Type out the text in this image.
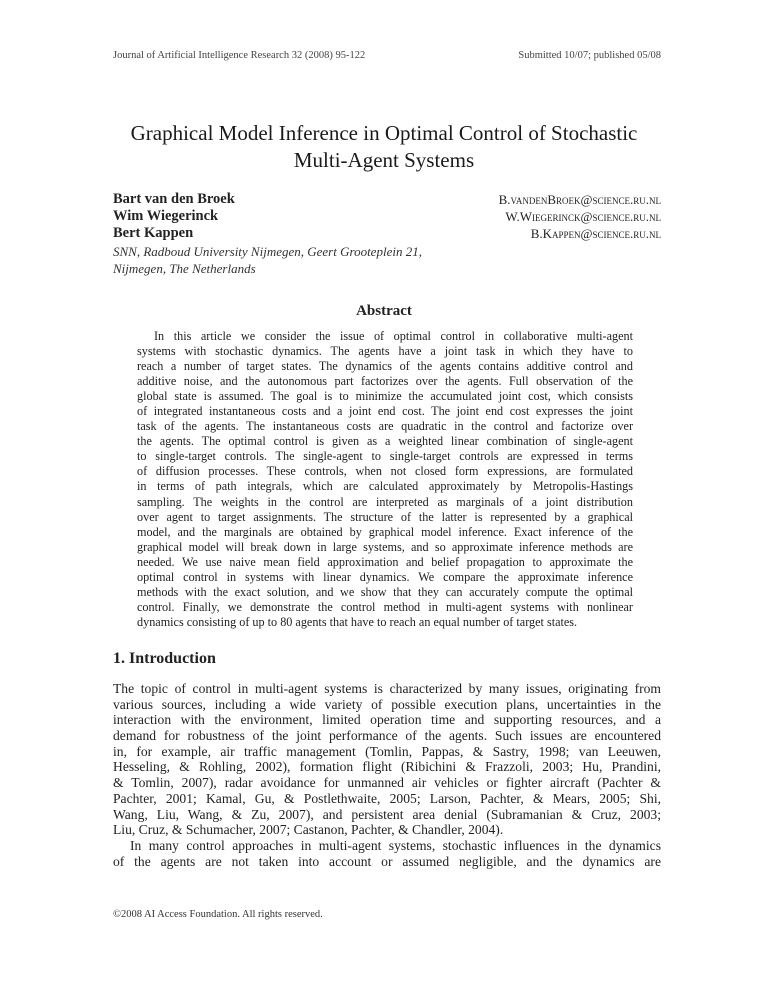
Journal of Artificial Intelligence Research 32 (2008) 95-122	Submitted 10/07; published 05/08
Graphical Model Inference in Optimal Control of Stochastic
Multi-Agent Systems
Bart van den Broek
Wim Wiegerinck
Bert Kappen
B.vandenBroek@science.ru.nl
W.Wiegerinck@science.ru.nl
B.Kappen@science.ru.nl
SNN, Radboud University Nijmegen, Geert Grooteplein 21,
Nijmegen, The Netherlands
Abstract
In this article we consider the issue of optimal control in collaborative multi-agent
systems with stochastic dynamics. The agents have a joint task in which they have to
reach a number of target states. The dynamics of the agents contains additive control and
additive noise, and the autonomous part factorizes over the agents. Full observation of the
global state is assumed. The goal is to minimize the accumulated joint cost, which consists
of integrated instantaneous costs and a joint end cost. The joint end cost expresses the joint
task of the agents. The instantaneous costs are quadratic in the control and factorize over
the agents. The optimal control is given as a weighted linear combination of single-agent
to single-target controls. The single-agent to single-target controls are expressed in terms
of diffusion processes. These controls, when not closed form expressions, are formulated
in terms of path integrals, which are calculated approximately by Metropolis-Hastings
sampling. The weights in the control are interpreted as marginals of a joint distribution
over agent to target assignments. The structure of the latter is represented by a graphical
model, and the marginals are obtained by graphical model inference. Exact inference of the
graphical model will break down in large systems, and so approximate inference methods are
needed. We use naive mean field approximation and belief propagation to approximate the
optimal control in systems with linear dynamics. We compare the approximate inference
methods with the exact solution, and we show that they can accurately compute the optimal
control. Finally, we demonstrate the control method in multi-agent systems with nonlinear
dynamics consisting of up to 80 agents that have to reach an equal number of target states.
1. Introduction
The topic of control in multi-agent systems is characterized by many issues, originating from
various sources, including a wide variety of possible execution plans, uncertainties in the
interaction with the environment, limited operation time and supporting resources, and a
demand for robustness of the joint performance of the agents. Such issues are encountered
in, for example, air traffic management (Tomlin, Pappas, & Sastry, 1998; van Leeuwen,
Hesseling, & Rohling, 2002), formation flight (Ribichini & Frazzoli, 2003; Hu, Prandini,
& Tomlin, 2007), radar avoidance for unmanned air vehicles or fighter aircraft (Pachter &
Pachter, 2001; Kamal, Gu, & Postlethwaite, 2005; Larson, Pachter, & Mears, 2005; Shi,
Wang, Liu, Wang, & Zu, 2007), and persistent area denial (Subramanian & Cruz, 2003;
Liu, Cruz, & Schumacher, 2007; Castanon, Pachter, & Chandler, 2004).
In many control approaches in multi-agent systems, stochastic influences in the dynamics
of the agents are not taken into account or assumed negligible, and the dynamics are
©2008 AI Access Foundation. All rights reserved.
